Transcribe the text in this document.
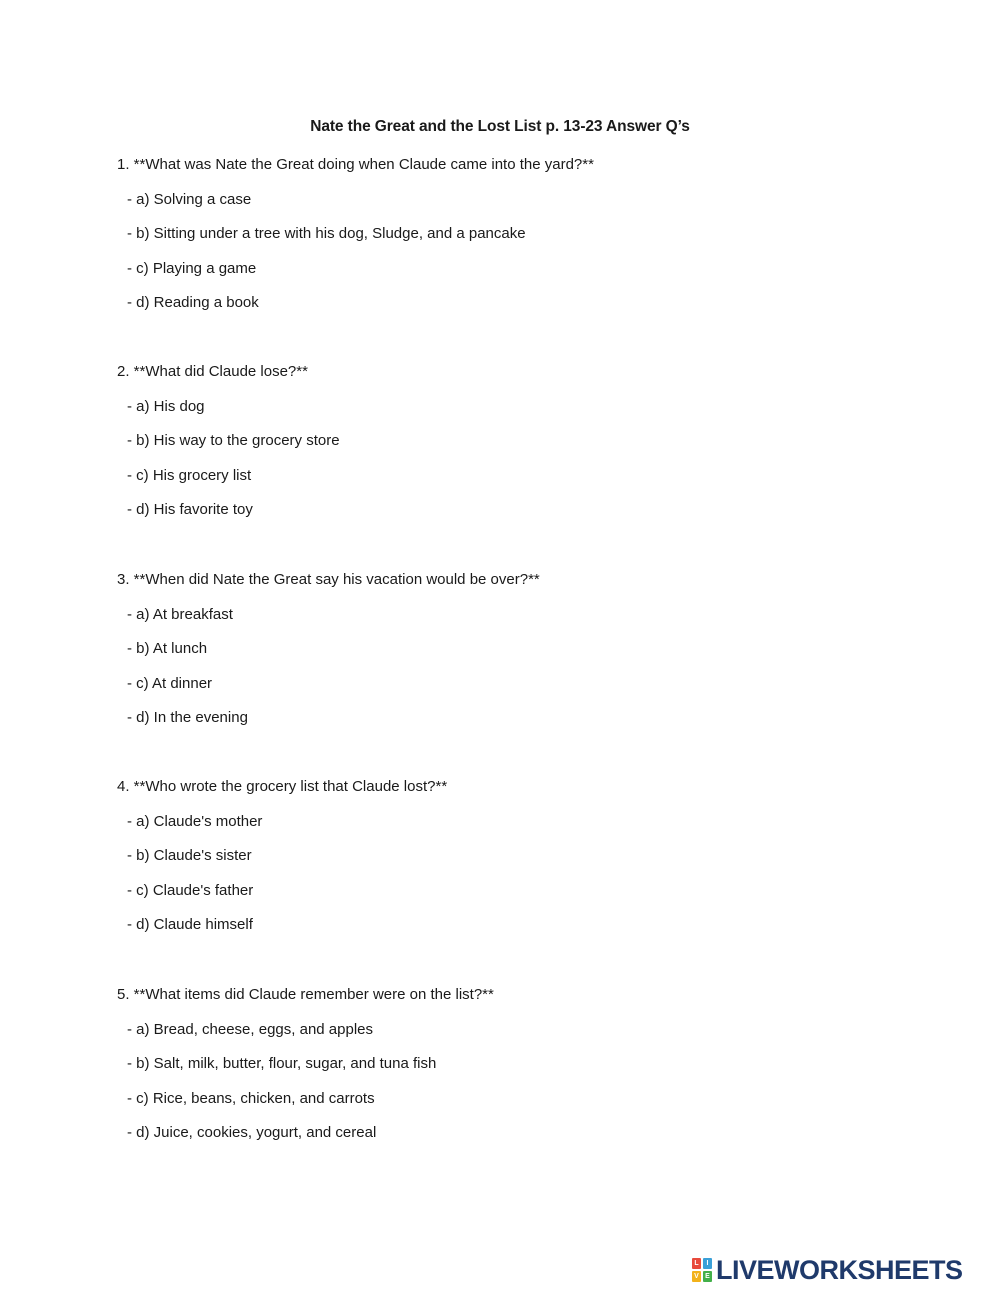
Nate the Great and the Lost List p. 13-23 Answer Q’s
1. **What was Nate the Great doing when Claude came into the yard?**
- a) Solving a case
- b) Sitting under a tree with his dog, Sludge, and a pancake
- c) Playing a game
- d) Reading a book
2. **What did Claude lose?**
- a) His dog
- b) His way to the grocery store
- c) His grocery list
- d) His favorite toy
3. **When did Nate the Great say his vacation would be over?**
- a) At breakfast
- b) At lunch
- c) At dinner
- d) In the evening
4. **Who wrote the grocery list that Claude lost?**
- a) Claude's mother
- b) Claude's sister
- c) Claude's father
- d) Claude himself
5. **What items did Claude remember were on the list?**
- a) Bread, cheese, eggs, and apples
- b) Salt, milk, butter, flour, sugar, and tuna fish
- c) Rice, beans, chicken, and carrots
- d) Juice, cookies, yogurt, and cereal
L	I
V E LIVEWORKSHEETS
